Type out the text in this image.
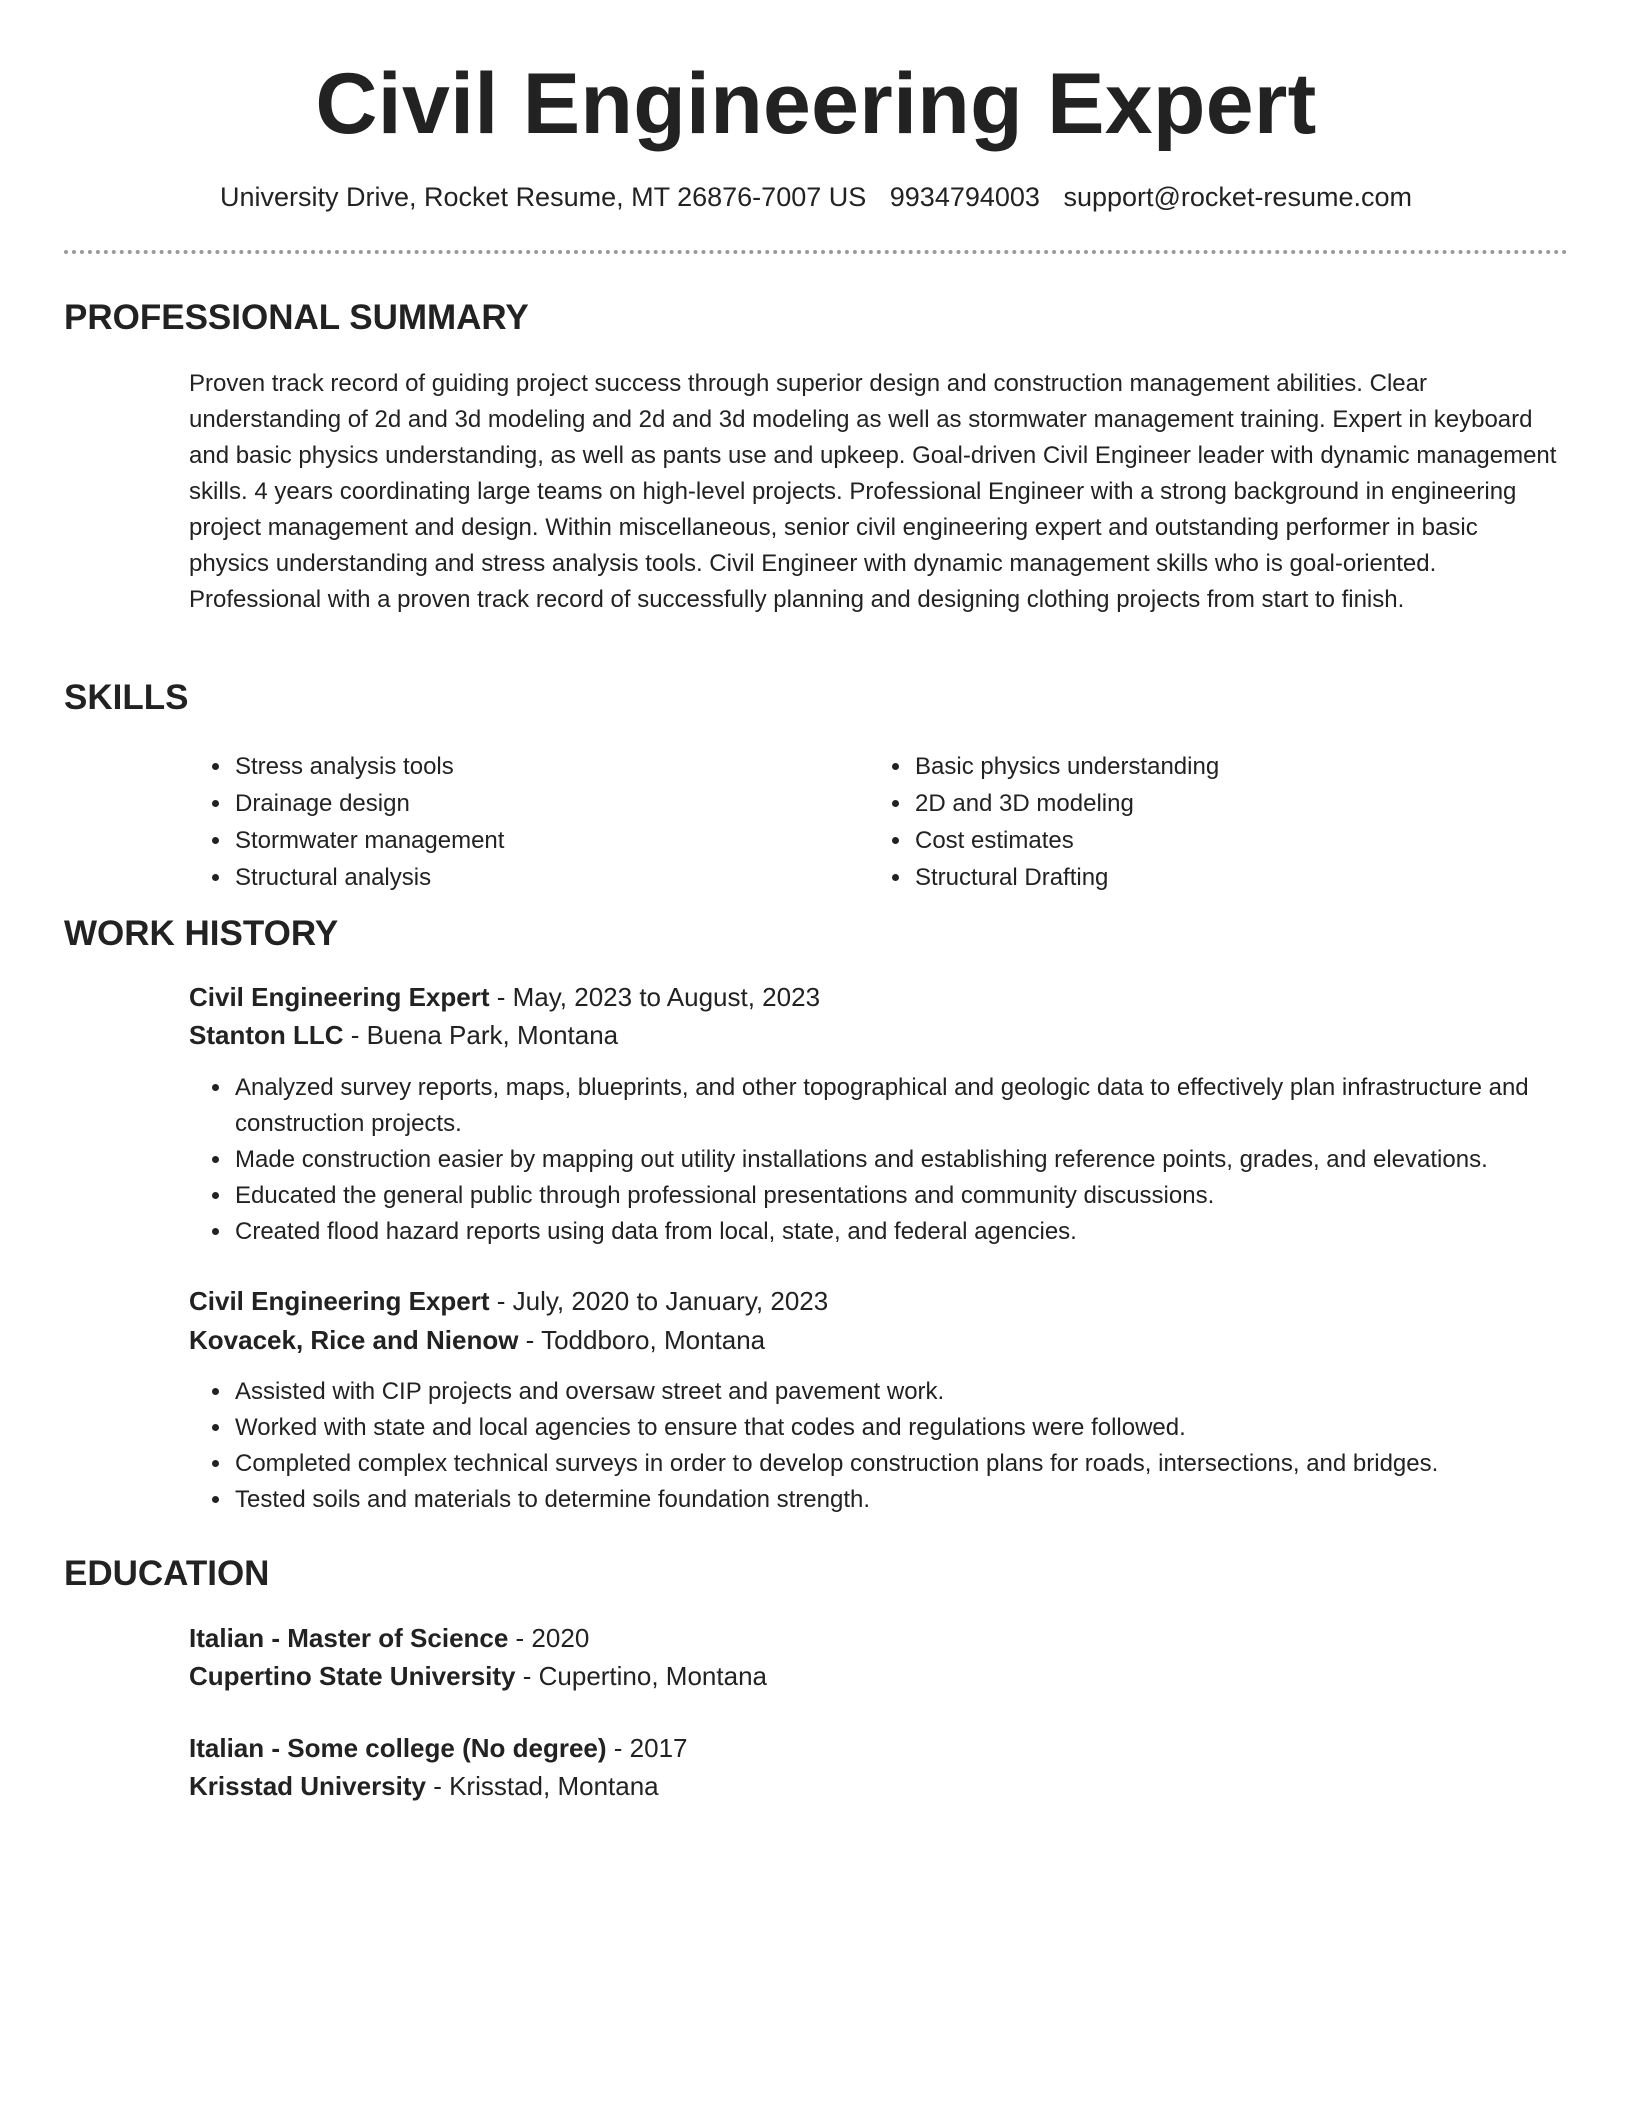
Civil Engineering Expert
University Drive, Rocket Resume, MT 26876-7007 US 9934794003 support@rocket-resume.com
PROFESSIONAL SUMMARY

Proven track record of guiding project success through superior design and construction management abilities. Clear understanding of 2d and 3d modeling and 2d and 3d modeling as well as stormwater management training. Expert in keyboard and basic physics understanding, as well as pants use and upkeep. Goal-driven Civil Engineer leader with dynamic management skills. 4 years coordinating large teams on high-level projects. Professional Engineer with a strong background in engineering project management and design. Within miscellaneous, senior civil engineering expert and outstanding performer in basic physics understanding and stress analysis tools. Civil Engineer with dynamic management skills who is goal-oriented. Professional with a proven track record of successfully planning and designing clothing projects from start to finish.

SKILLS
• Stress analysis tools
• Drainage design
• Stormwater management
• Structural analysis
• Basic physics understanding
• 2D and 3D modeling
• Cost estimates
• Structural Drafting
WORK HISTORY
Civil Engineering Expert - May, 2023 to August, 2023
Stanton LLC - Buena Park, Montana
• Analyzed survey reports, maps, blueprints, and other topographical and geologic data to effectively plan infrastructure and construction projects.
• Made construction easier by mapping out utility installations and establishing reference points, grades, and elevations.
• Educated the general public through professional presentations and community discussions.
• Created flood hazard reports using data from local, state, and federal agencies.
Civil Engineering Expert - July, 2020 to January, 2023
Kovacek, Rice and Nienow - Toddboro, Montana
• Assisted with CIP projects and oversaw street and pavement work.
• Worked with state and local agencies to ensure that codes and regulations were followed.
• Completed complex technical surveys in order to develop construction plans for roads, intersections, and bridges.
• Tested soils and materials to determine foundation strength.
EDUCATION
Italian - Master of Science - 2020
Cupertino State University - Cupertino, Montana
Italian - Some college (No degree) - 2017
Krisstad University - Krisstad, Montana
